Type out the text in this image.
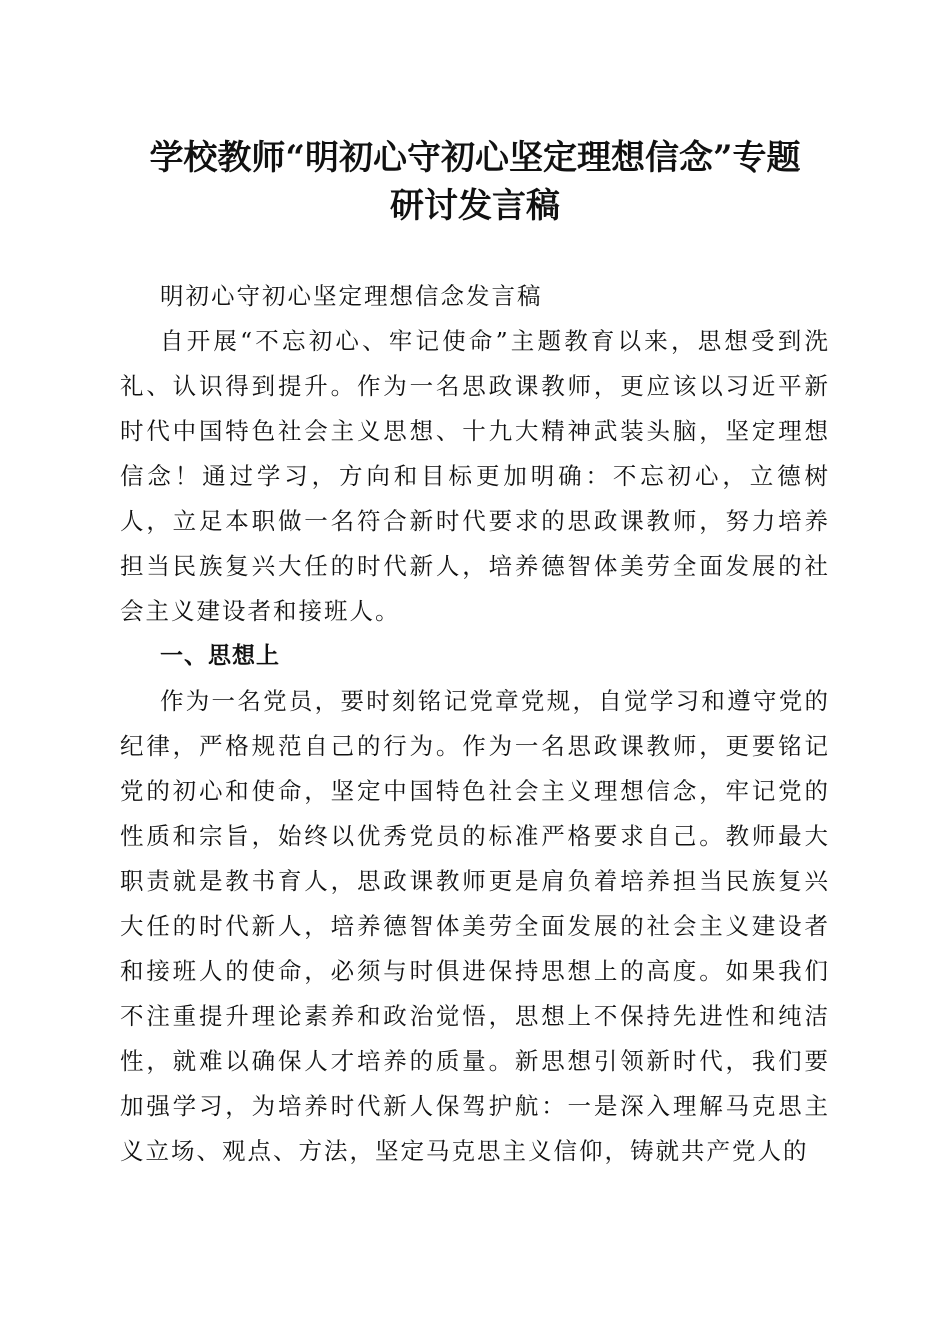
学校教师“明初心守初心坚定理想信念”专题
研讨发言稿

明初心守初心坚定理想信念发言稿

自开展“不忘初心、牢记使命”主题教育以来，思想受到洗礼、认识得到提升。作为一名思政课教师，更应该以习近平新时代中国特色社会主义思想、十九大精神武装头脑，坚定理想信念！通过学习，方向和目标更加明确：不忘初心，立德树人，立足本职做一名符合新时代要求的思政课教师，努力培养担当民族复兴大任的时代新人，培养德智体美劳全面发展的社会主义建设者和接班人。

一、思想上

作为一名党员，要时刻铭记党章党规，自觉学习和遵守党的纪律，严格规范自己的行为。作为一名思政课教师，更要铭记党的初心和使命，坚定中国特色社会主义理想信念，牢记党的性质和宗旨，始终以优秀党员的标准严格要求自己。教师最大职责就是教书育人，思政课教师更是肩负着培养担当民族复兴大任的时代新人，培养德智体美劳全面发展的社会主义建设者和接班人的使命，必须与时俱进保持思想上的高度。如果我们不注重提升理论素养和政治觉悟，思想上不保持先进性和纯洁性，就难以确保人才培养的质量。新思想引领新时代，我们要加强学习，为培养时代新人保驾护航：一是深入理解马克思主义立场、观点、方法，坚定马克思主义信仰，铸就共产党人的
